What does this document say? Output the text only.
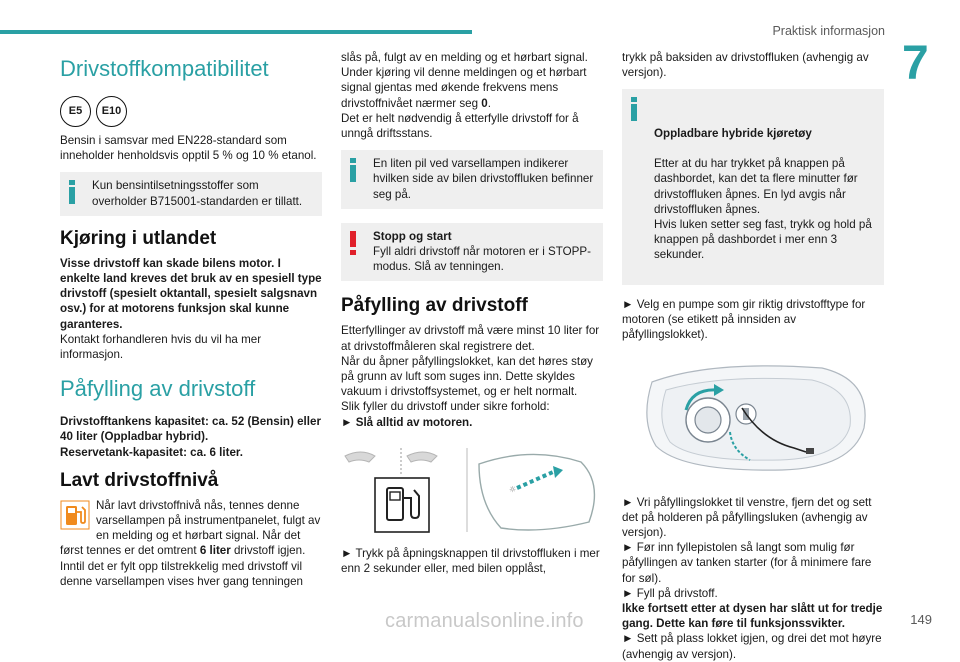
Praktisk informasjon
7
149
carmanualsonline.info
Drivstoffkompatibilitet
E5	E10

Bensin i samsvar med EN228-standard som inneholder henholdsvis opptil 5 % og 10 % etanol.

Kun bensintilsetningsstoffer som overholder B715001-standarden er tillatt.
Kjøring i utlandet

Visse drivstoff kan skade bilens motor. I enkelte land kreves det bruk av en spesiell type drivstoff (spesielt oktantall, spesielt salgsnavn osv.) for at motorens funksjon skal kunne garanteres.

Kontakt forhandleren hvis du vil ha mer informasjon.

Påfylling av drivstoff

Drivstofftankens kapasitet: ca. 52 (Bensin) eller 40 liter (Oppladbar hybrid).

Reservetank-kapasitet: ca. 6 liter.

Lavt drivstoffnivå
Når lavt drivstoffnivå nås, tennes denne varsellampen på instrumentpanelet, fulgt av en melding og et hørbart signal. Når det først tennes er det omtrent 6 liter drivstoff igjen.
Inntil det er fylt opp tilstrekkelig med drivstoff vil denne varsellampen vises hver gang tenningen

slås på, fulgt av en melding og et hørbart signal. Under kjøring vil denne meldingen og et hørbart signal gjentas med økende frekvens mens drivstoffnivået nærmer seg 0.

Det er helt nødvendig å etterfylle drivstoff for å unngå driftsstans.

En liten pil ved varsellampen indikerer hvilken side av bilen drivstoffluken befinner seg på.
Stopp og start
Fyll aldri drivstoff når motoren er i STOPP-modus. Slå av tenningen.
Påfylling av drivstoff

Etterfyllinger av drivstoff må være minst 10 liter for at drivstoffmåleren skal registrere det.

Når du åpner påfyllingslokket, kan det høres støy på grunn av luft som suges inn. Dette skyldes vakuum i drivstoffsystemet, og er helt normalt.

Slik fyller du drivstoff under sikre forhold:

► Slå alltid av motoren.

☼

► Trykk på åpningsknappen til drivstoffluken i mer enn 2 sekunder eller, med bilen opplåst,

trykk på baksiden av drivstoffluken (avhengig av versjon).

Oppladbare hybride kjøretøy

Etter at du har trykket på knappen på dashbordet, kan det ta flere minutter før drivstoffluken åpnes. En lyd avgis når drivstoffluken åpnes.
Hvis luken setter seg fast, trykk og hold på knappen på dashbordet i mer enn 3 sekunder.

► Velg en pumpe som gir riktig drivstofftype for motoren (se etikett på innsiden av påfyllingslokket).

► Vri påfyllingslokket til venstre, fjern det og sett det på holderen på påfyllingsluken (avhengig av versjon).

► Før inn fyllepistolen så langt som mulig før påfyllingen av tanken starter (for å minimere fare for søl).

► Fyll på drivstoff.

Ikke fortsett etter at dysen har slått ut for tredje gang. Dette kan føre til funksjonssvikter.

► Sett på plass lokket igjen, og drei det mot høyre (avhengig av versjon).
